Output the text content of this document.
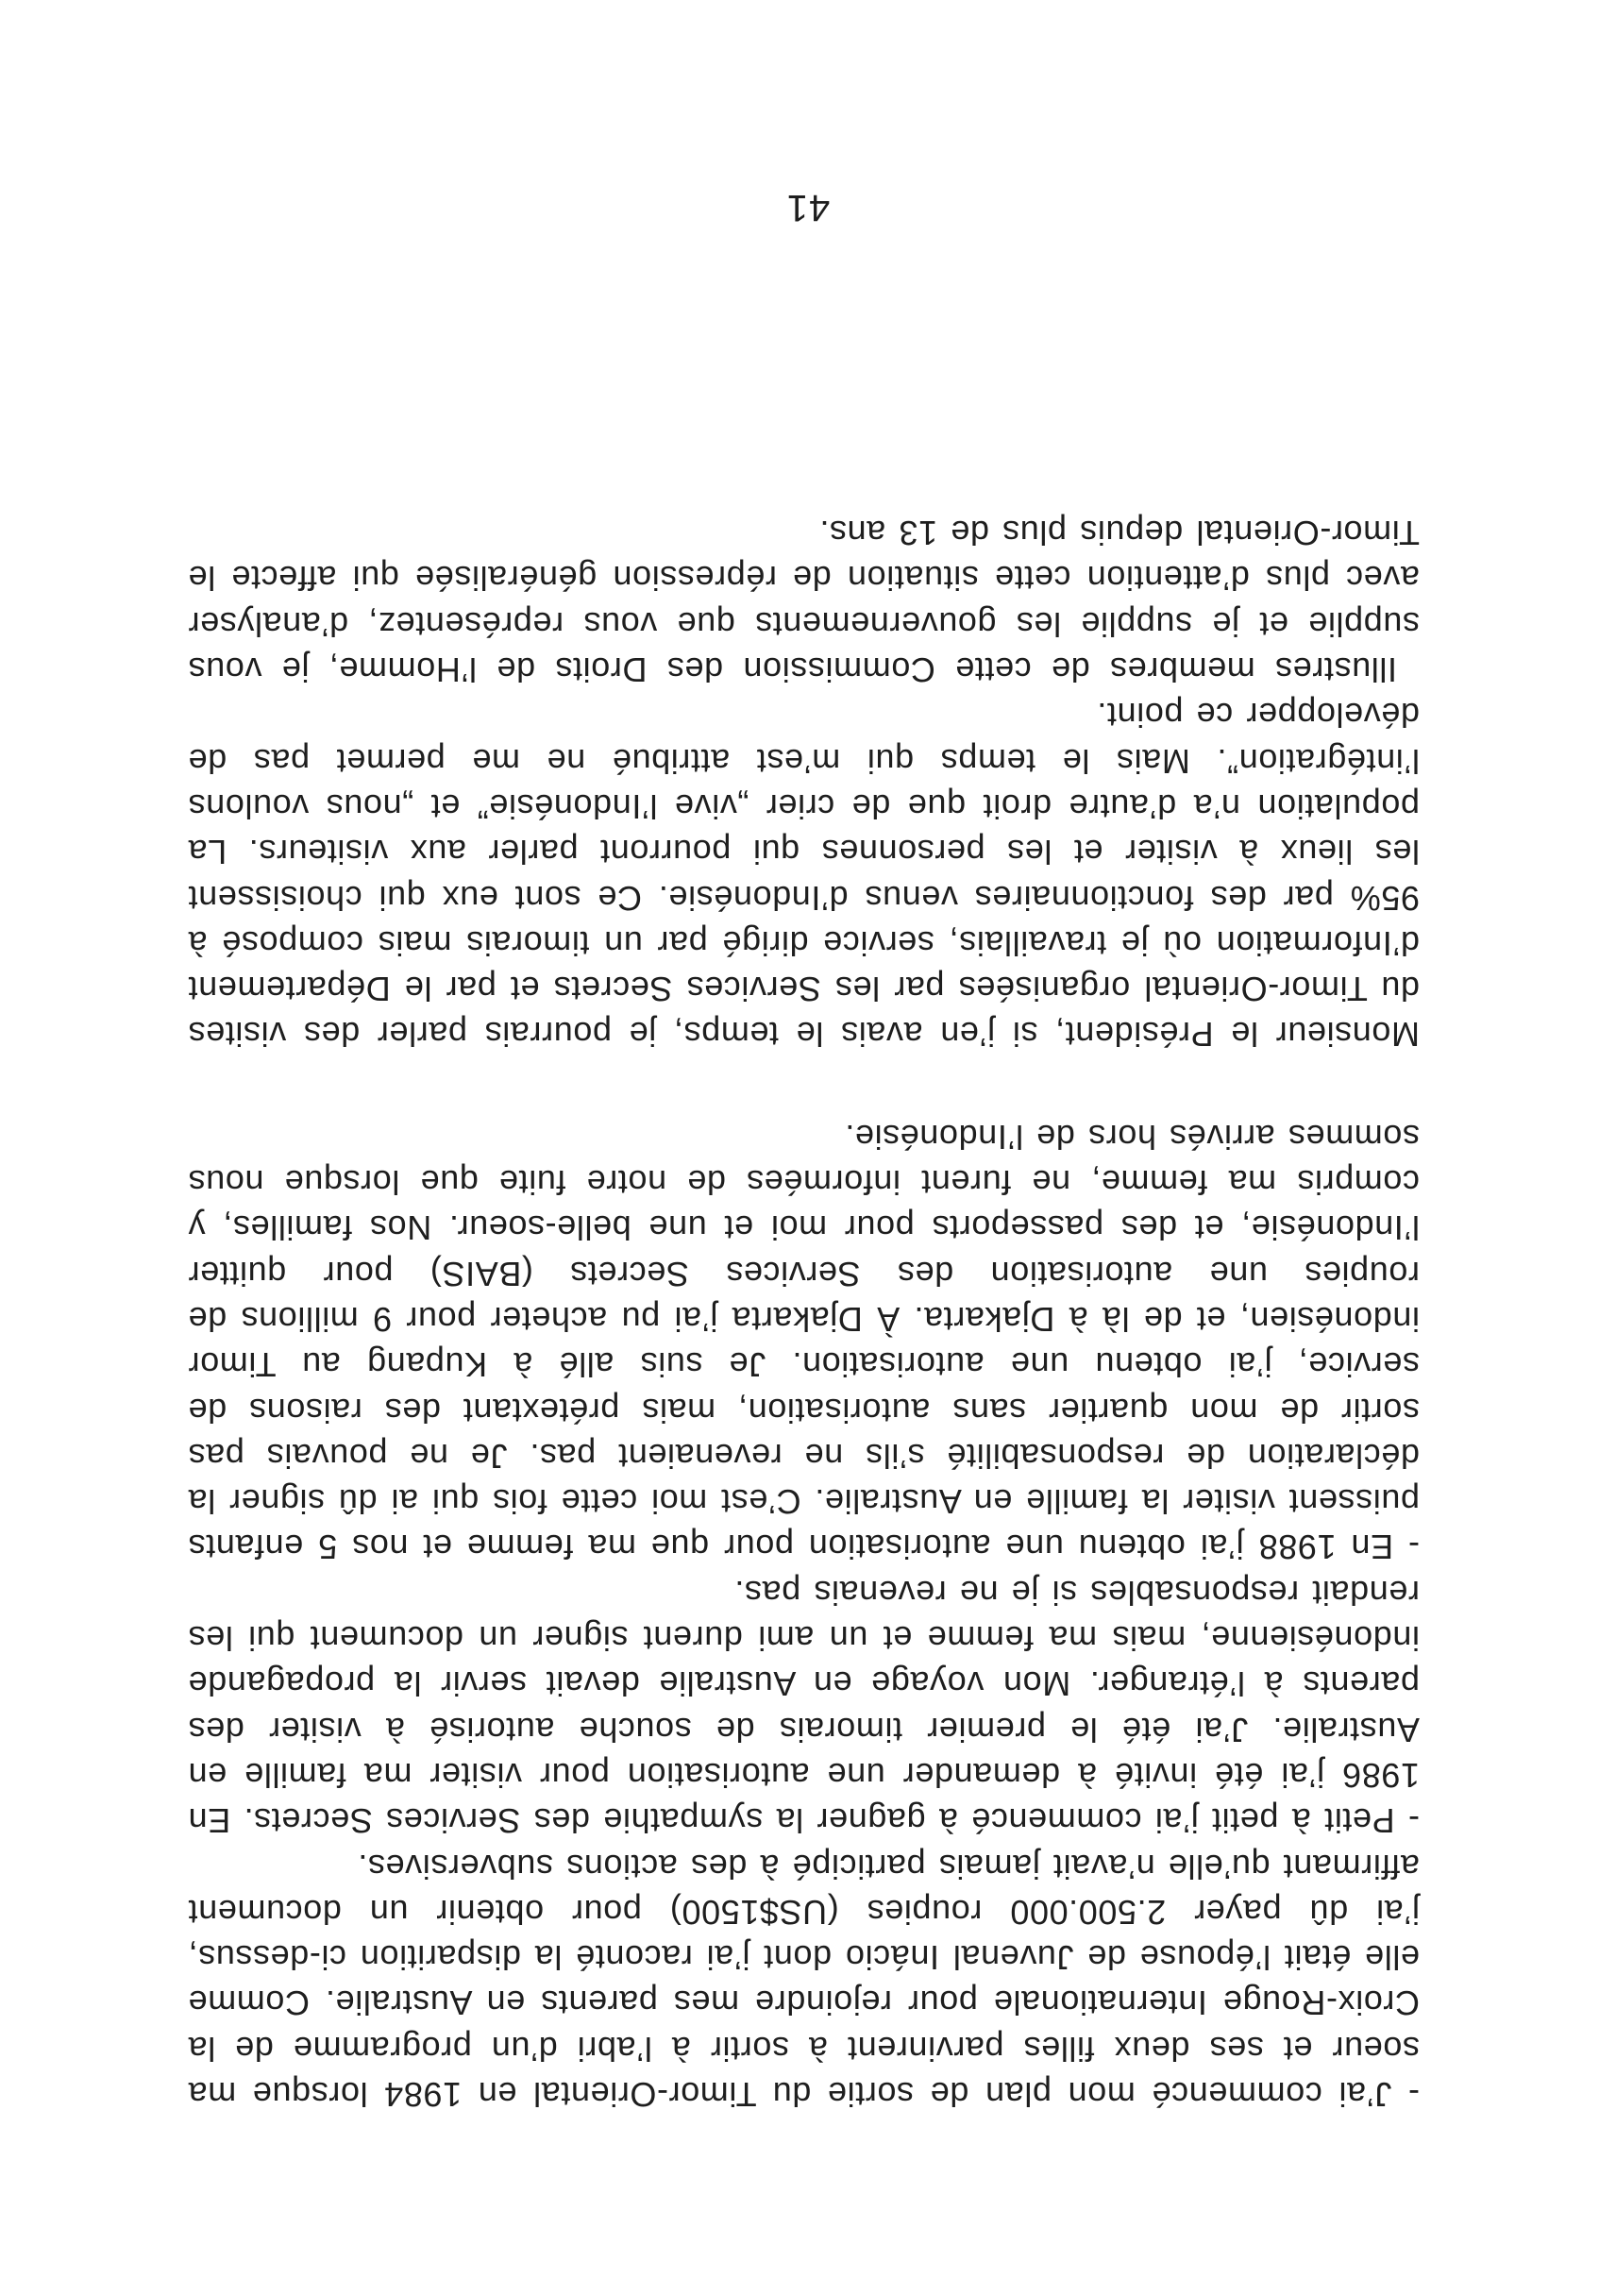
- J’ai commencé mon plan de sortie du Timor-Oriental en 1984 lorsque ma soeur et ses deux filles parvinrent à sortir à l’abri d’un programme de la Croix-Rouge Internationale pour rejoindre mes parents en Australie. Comme elle était l’épouse de Juvenal Inácio dont j’ai raconté la disparition ci-dessus, j’ai dû payer 2.500.000 roupies (US$1500) pour obtenir un document affirmant qu’elle n’avait jamais participé à des actions subversives.

- Petit à petit j’ai commencé à gagner la sympathie des Services Secrets. En 1986 j’ai été invité à demander une autorisation pour visiter ma famille en Australie. J’ai été le premier timorais de souche autorisé à visiter des parents à l’étranger. Mon voyage en Australie devait servir la propagande indonésienne, mais ma femme et un ami durent signer un document qui les rendait responsables si je ne revenais pas.

- En 1988 j’ai obtenu une autorisation pour que ma femme et nos 5 enfants puissent visiter la famille en Australie. C’est moi cette fois qui ai dû signer la déclaration de responsabilité s’ils ne revenaient pas. Je ne pouvais pas sortir de mon quartier sans autorisation, mais prétextant des raisons de service, j’ai obtenu une autorisation. Je suis allé à Kupang au Timor indonésien, et de là à Djakarta. À Djakarta j’ai pu acheter pour 9 millions de roupies une autorisation des Services Secrets (BAIS) pour quitter l’Indonésie, et des passeports pour moi et une belle-soeur. Nos familles, y compris ma femme, ne furent informées de notre fuite que lorsque nous sommes arrivés hors de l’Indonésie.

Monsieur le Président, si j’en avais le temps, je pourrais parler des visites du Timor-Oriental organisées par les Services Secrets et par le Département d’Information où je travaillais, service dirigé par un timorais mais composé à 95% par des fonctionnaires venus d’Indonésie. Ce sont eux qui choisissent les lieux à visiter et les personnes qui pourront parler aux visiteurs. La population n’a d’autre droit que de crier „vive l’Indonésie” et „nous voulons l’intégration”. Mais le temps qui m’est attribué ne me permet pas de développer ce point.

Illustres membres de cette Commission des Droits de l’Homme, je vous supplie et je supplie les gouvernements que vous représentez, d’analyser avec plus d’attention cette situation de répression généralisée qui affecte le Timor-Oriental depuis plus de 13 ans.

41
